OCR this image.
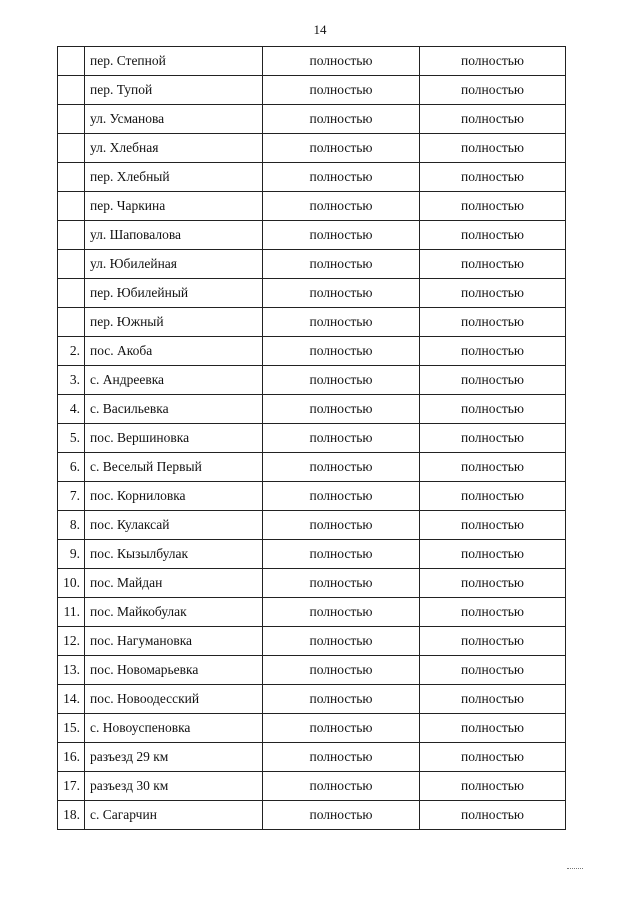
14
	пер. Степной	полностью	полностью
	пер. Тупой	полностью	полностью
	ул. Усманова	полностью	полностью
	ул. Хлебная	полностью	полностью
	пер. Хлебный	полностью	полностью
	пер. Чаркина	полностью	полностью
	ул. Шаповалова	полностью	полностью
	ул. Юбилейная	полностью	полностью
	пер. Юбилейный	полностью	полностью
	пер. Южный	полностью	полностью
2.	пос. Акоба	полностью	полностью
3.	с. Андреевка	полностью	полностью
4.	с. Васильевка	полностью	полностью
5.	пос. Вершиновка	полностью	полностью
6.	с. Веселый Первый	полностью	полностью
7.	пос. Корниловка	полностью	полностью
8.	пос. Кулаксай	полностью	полностью
9.	пос. Кызылбулак	полностью	полностью
10.	пос. Майдан	полностью	полностью
11.	пос. Майкобулак	полностью	полностью
12.	пос. Нагумановка	полностью	полностью
13.	пос. Новомарьевка	полностью	полностью
14.	пос. Новоодесский	полностью	полностью
15.	с. Новоуспеновка	полностью	полностью
16.	разъезд 29 км	полностью	полностью
17.	разъезд 30 км	полностью	полностью
18.	с. Сагарчин	полностью	полностью
